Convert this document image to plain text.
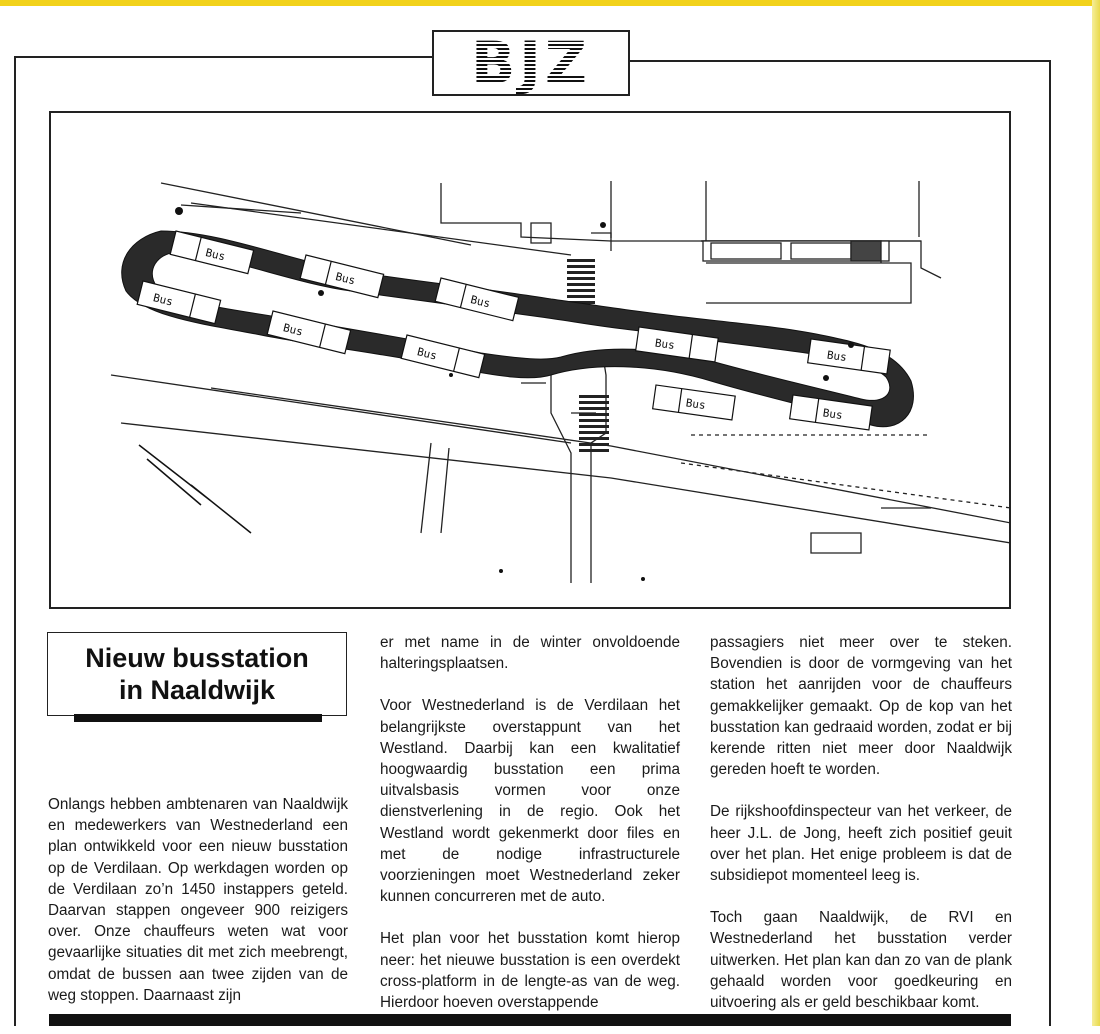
BJZ
Bus
Bus
Bus
Bus
Bus
Bus
Bus
Bus
Bus
Bus
Nieuw busstation
in Naaldwijk

Onlangs hebben ambtenaren van Naaldwijk en medewerkers van Westnederland een plan ontwikkeld voor een nieuw busstation op de Verdilaan. Op werkdagen worden op de Verdilaan zo’n 1450 instappers geteld. Daarvan stappen ongeveer 900 reizigers over. Onze chauffeurs weten wat voor gevaarlijke situaties dit met zich meebrengt, omdat de bussen aan twee zijden van de weg stoppen. Daarnaast zijn

er met name in de winter onvoldoende halteringsplaatsen.

Voor Westnederland is de Verdilaan het belangrijkste overstappunt van het Westland. Daarbij kan een kwalitatief hoogwaardig busstation een prima uitvalsbasis vormen voor onze dienstverlening in de regio. Ook het Westland wordt gekenmerkt door files en met de nodige infrastructurele voorzieningen moet Westnederland zeker kunnen concurreren met de auto.

Het plan voor het busstation komt hierop neer: het nieuwe busstation is een overdekt cross-platform in de lengte-as van de weg. Hierdoor hoeven overstappende

passagiers niet meer over te steken. Bovendien is door de vormgeving van het station het aanrijden voor de chauffeurs gemakkelijker gemaakt. Op de kop van het busstation kan gedraaid worden, zodat er bij kerende ritten niet meer door Naaldwijk gereden hoeft te worden.

De rijkshoofdinspecteur van het verkeer, de heer J.L. de Jong, heeft zich positief geuit over het plan. Het enige probleem is dat de subsidiepot momenteel leeg is.

Toch gaan Naaldwijk, de RVI en Westnederland het busstation verder uitwerken. Het plan kan dan zo van de plank gehaald worden voor goedkeuring en uitvoering als er geld beschikbaar komt.
